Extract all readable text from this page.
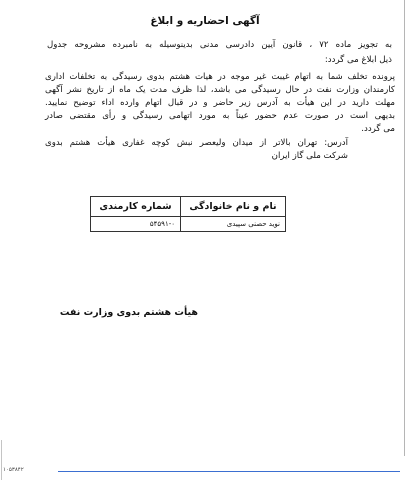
آگهی احضاریه و ابلاغ
به تجویز ماده ۷۲ ، قانون آیین دادرسی مدنی بدینوسیله به نامبرده مشروحه جدول
ذیل ابلاغ می گردد:
پرونده تخلف شما به اتهام غیبت غیر موجه در هیات هشتم بدوی رسیدگی به تخلفات اداری
کارمندان وزارت نفت در حال رسیدگی می باشد، لذا ظرف مدت یک ماه از تاریخ نشر آگهی
مهلت دارید در این هیأت به آدرس زیر حاضر و در قبال اتهام وارده اداء توضیح نمایید.
بدیهی است در صورت عدم حضور عیناً به مورد اتهامی رسیدگی و رأی مقتضی صادر
می گردد.
آدرس: تهران بالاتر از میدان ولیعصر نبش کوچه غفاری هیأت هشتم بدوی
شرکت ملی گاز ایران
نام و نام خانوادگی	شماره کارمندی
نوید حصنی سپیدی	۵۴۵۹۱-۰
هیأت هشتم بدوی وزارت نفت
۱۰۵۳۸۴۲
